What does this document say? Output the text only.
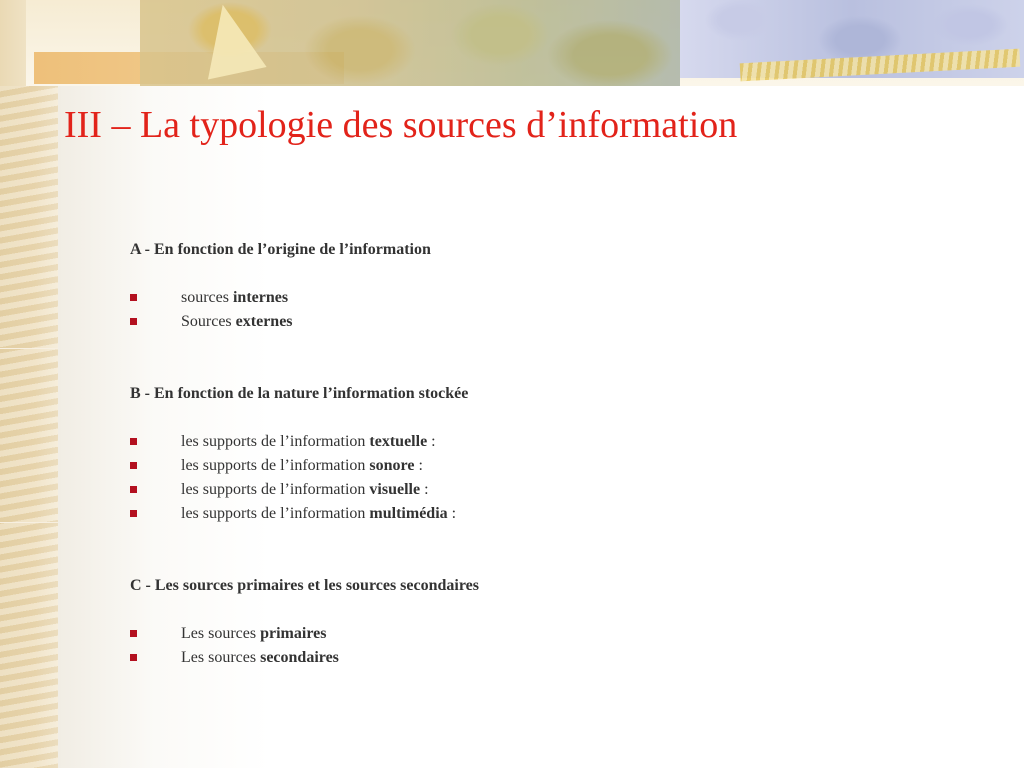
III – La typologie des sources d’information

A - En fonction de l’origine de l’information

sources internes
Sources externes

B - En fonction de la nature l’information stockée

les supports de l’information textuelle :
les supports de l’information sonore :
les supports de l’information visuelle :
les supports de l’information multimédia :

C - Les sources primaires et les sources secondaires

Les sources primaires
Les sources secondaires
